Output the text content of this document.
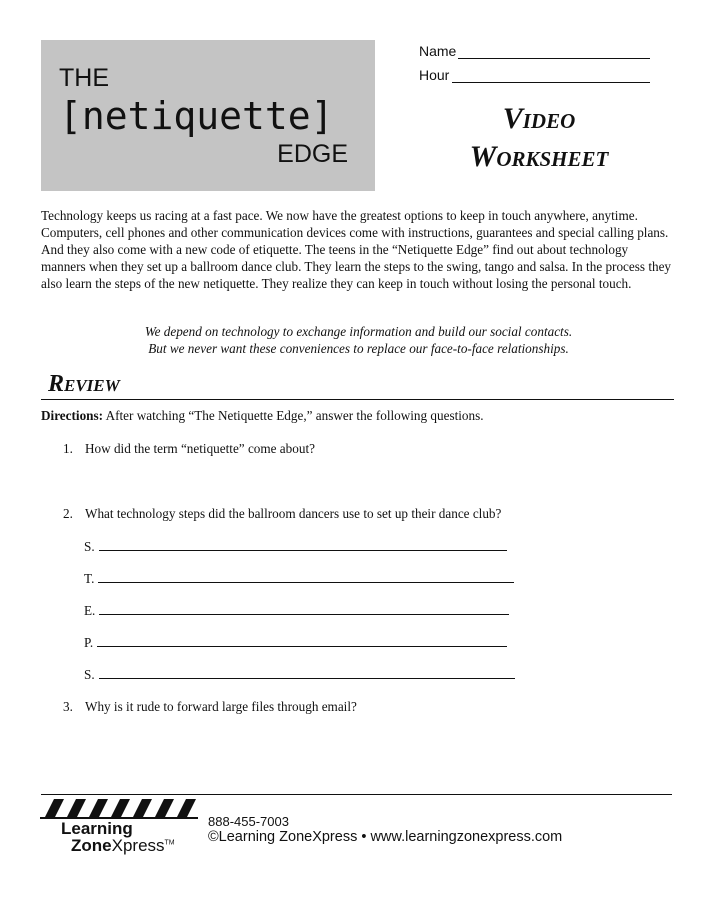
THE
[netiquette]
EDGE
Name
Hour
Video
Worksheet
Technology keeps us racing at a fast pace. We now have the greatest options to keep in touch anywhere, anytime. Computers, cell phones and other communication devices come with instructions, guarantees and special calling plans. And they also come with a new code of etiquette. The teens in the “Netiquette Edge” find out about technology manners when they set up a ballroom dance club. They learn the steps to the swing, tango and salsa. In the process they also learn the steps of the new netiquette. They realize they can keep in touch without losing the personal touch.
We depend on technology to exchange information and build our social contacts.
But we never want these conveniences to replace our face-to-face relationships.
Review
Directions: After watching “The Netiquette Edge,” answer the following questions.
1. How did the term “netiquette” come about?
2. What technology steps did the ballroom dancers use to set up their dance club?
S.
T.
E.
P.
S.
3. Why is it rude to forward large files through email?
Learning
ZoneXpress™
888-455-7003
©Learning ZoneXpress • www.learningzonexpress.com
